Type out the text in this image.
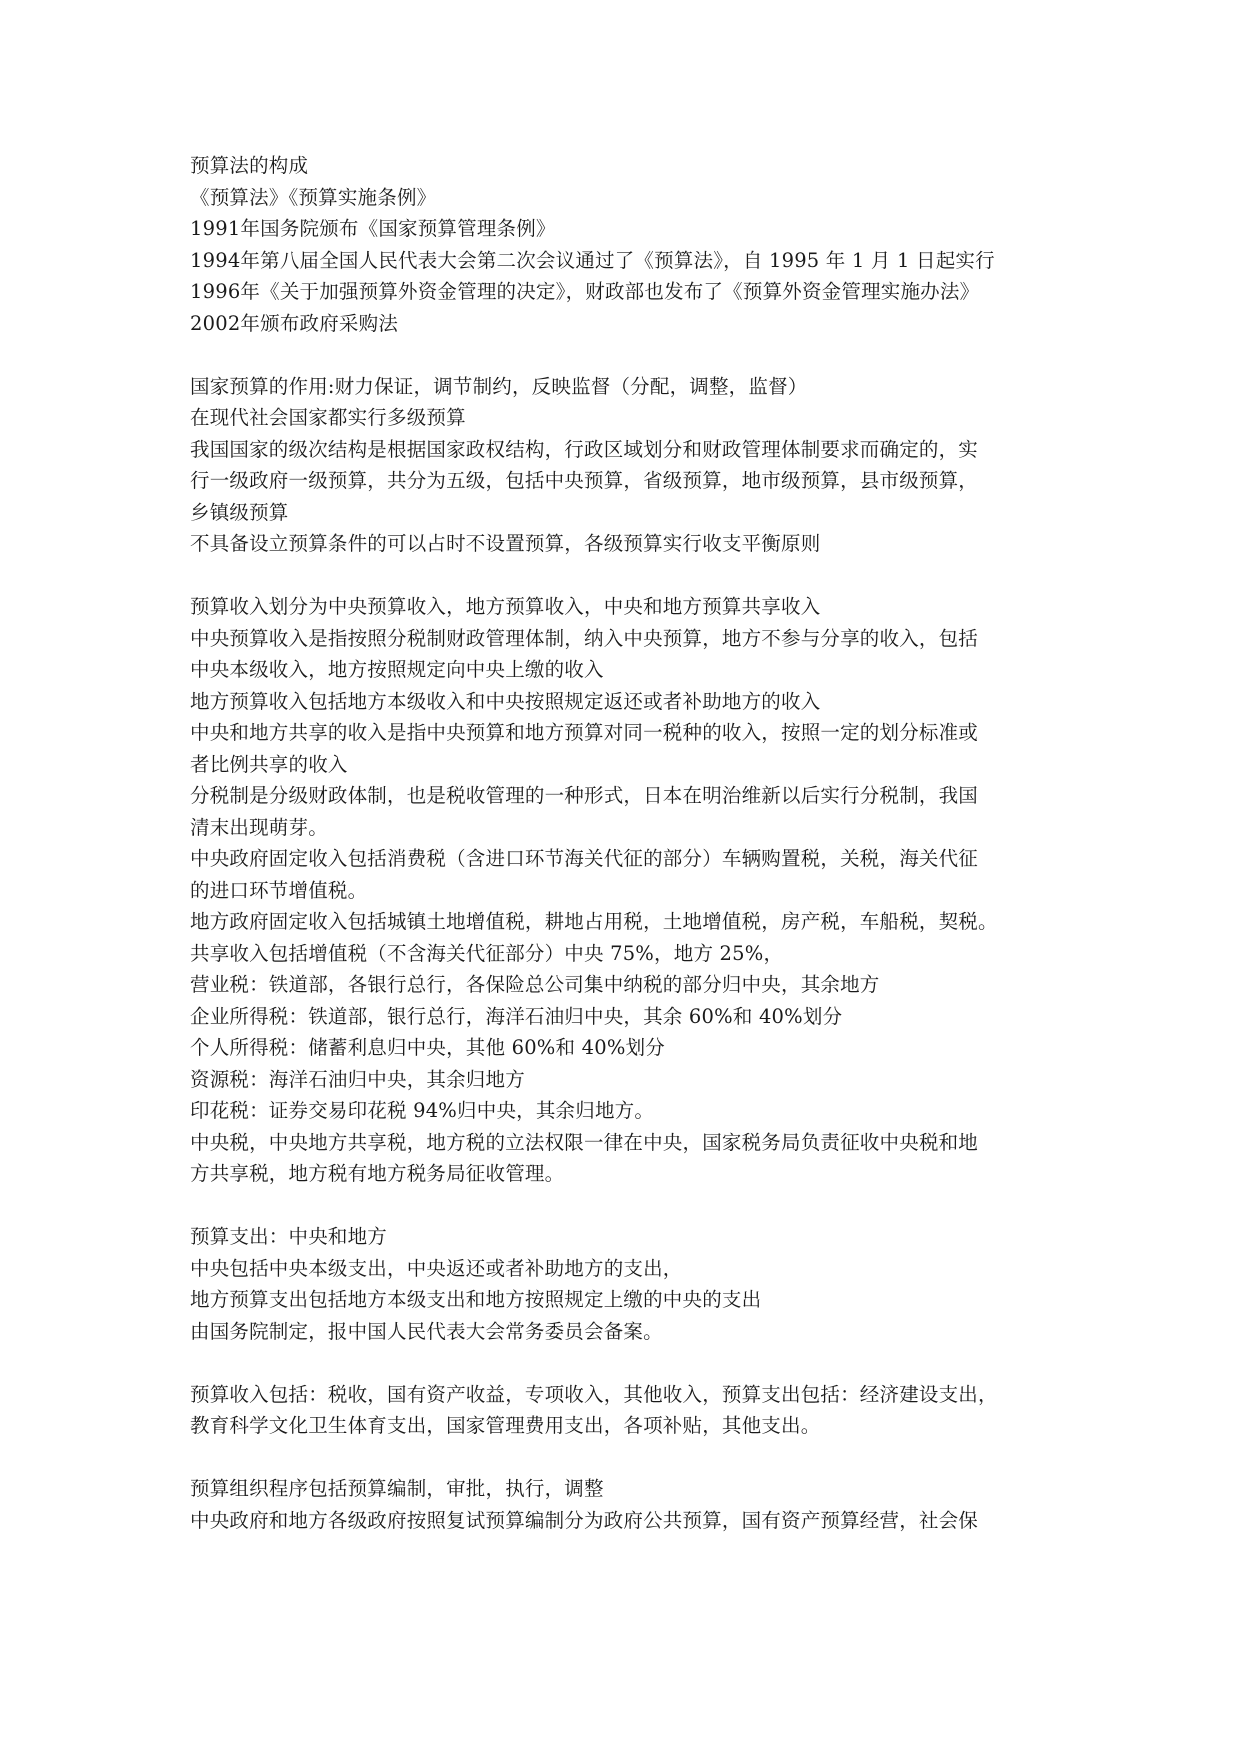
预算法的构成
《预算法》《预算实施条例》
1991年国务院颁布《国家预算管理条例》
1994年第八届全国人民代表大会第二次会议通过了《预算法》，自 1995 年 1 月 1 日起实行
1996年《关于加强预算外资金管理的决定》，财政部也发布了《预算外资金管理实施办法》
2002年颁布政府采购法
国家预算的作用:财力保证，调节制约，反映监督（分配，调整，监督）
在现代社会国家都实行多级预算
我国国家的级次结构是根据国家政权结构，行政区域划分和财政管理体制要求而确定的，实
行一级政府一级预算，共分为五级，包括中央预算，省级预算，地市级预算，县市级预算，
乡镇级预算
不具备设立预算条件的可以占时不设置预算，各级预算实行收支平衡原则
预算收入划分为中央预算收入，地方预算收入，中央和地方预算共享收入
中央预算收入是指按照分税制财政管理体制，纳入中央预算，地方不参与分享的收入，包括
中央本级收入，地方按照规定向中央上缴的收入
地方预算收入包括地方本级收入和中央按照规定返还或者补助地方的收入
中央和地方共享的收入是指中央预算和地方预算对同一税种的收入，按照一定的划分标准或
者比例共享的收入
分税制是分级财政体制，也是税收管理的一种形式，日本在明治维新以后实行分税制，我国
清末出现萌芽。
中央政府固定收入包括消费税（含进口环节海关代征的部分）车辆购置税，关税，海关代征
的进口环节增值税。
地方政府固定收入包括城镇土地增值税，耕地占用税，土地增值税，房产税，车船税，契税。
共享收入包括增值税（不含海关代征部分）中央 75%，地方 25%，
营业税：铁道部，各银行总行，各保险总公司集中纳税的部分归中央，其余地方
企业所得税：铁道部，银行总行，海洋石油归中央，其余 60%和 40%划分
个人所得税：储蓄利息归中央，其他 60%和 40%划分
资源税：海洋石油归中央，其余归地方
印花税：证券交易印花税 94%归中央，其余归地方。
中央税，中央地方共享税，地方税的立法权限一律在中央，国家税务局负责征收中央税和地
方共享税，地方税有地方税务局征收管理。
预算支出：中央和地方
中央包括中央本级支出，中央返还或者补助地方的支出，
地方预算支出包括地方本级支出和地方按照规定上缴的中央的支出
由国务院制定，报中国人民代表大会常务委员会备案。
预算收入包括：税收，国有资产收益，专项收入，其他收入，预算支出包括：经济建设支出，
教育科学文化卫生体育支出，国家管理费用支出，各项补贴，其他支出。
预算组织程序包括预算编制，审批，执行，调整
中央政府和地方各级政府按照复试预算编制分为政府公共预算，国有资产预算经营，社会保
